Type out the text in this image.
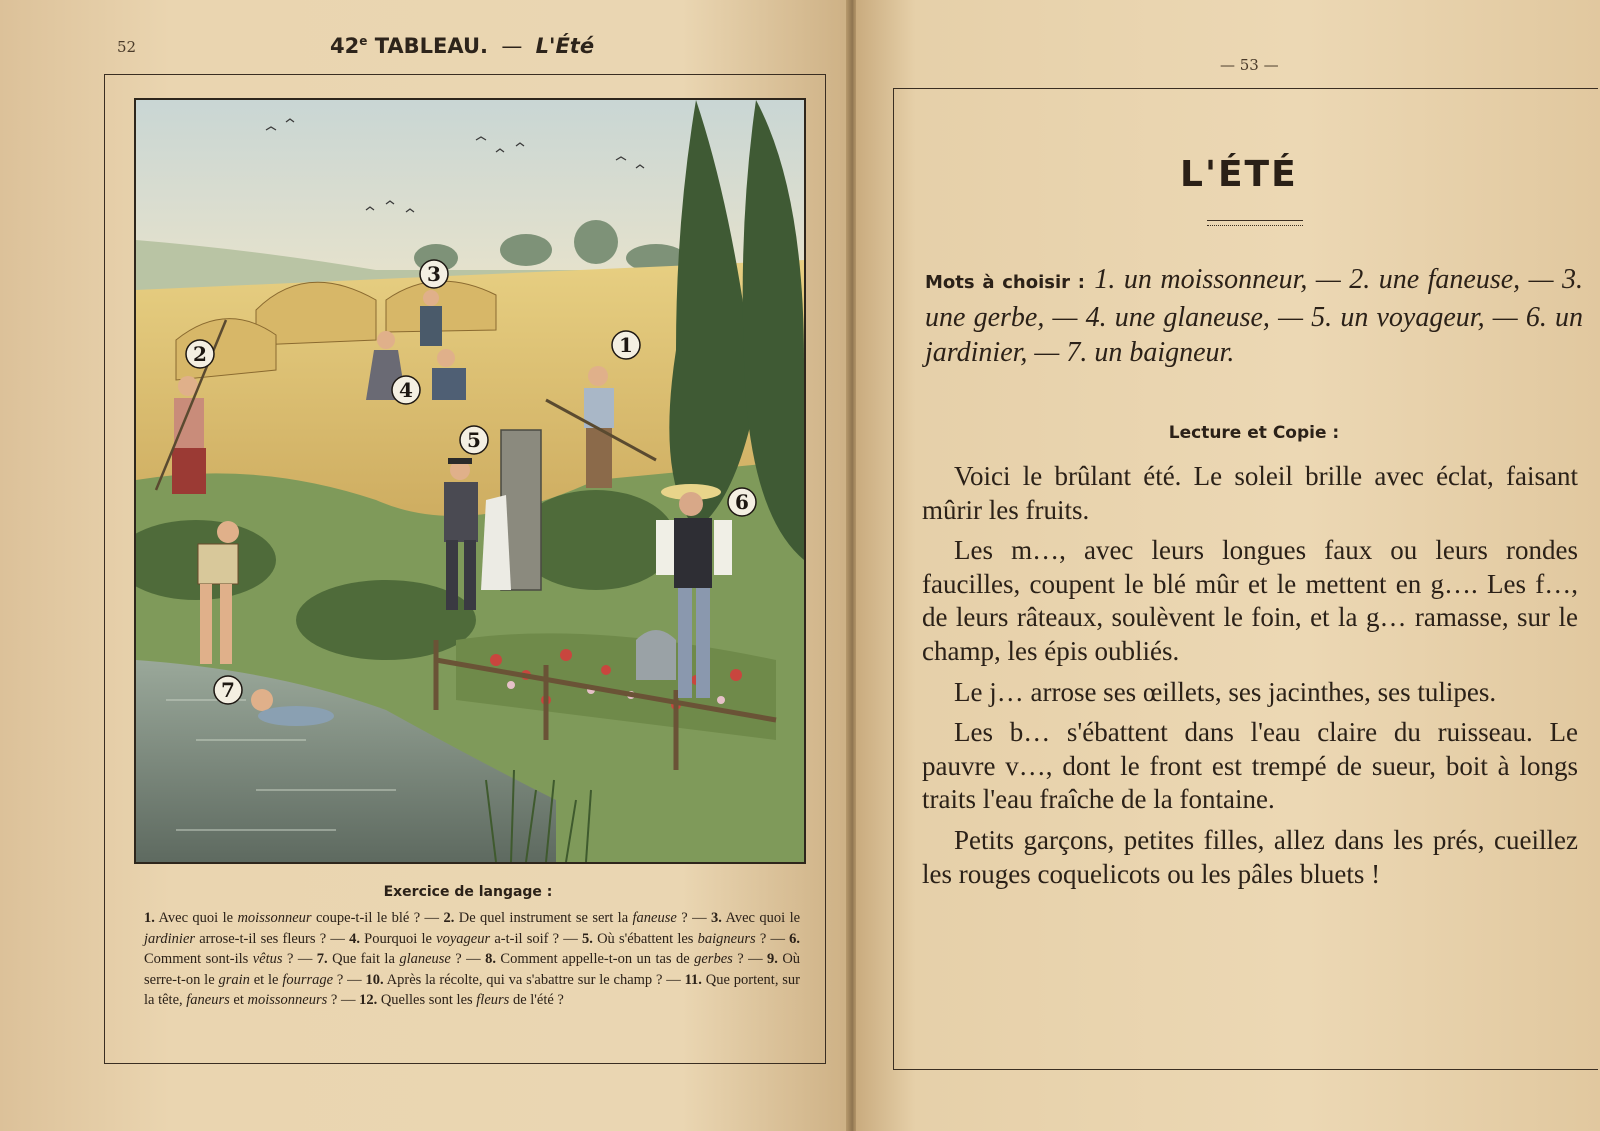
52	42e TABLEAU. — L'Été
1
2
3
4
5
6
7
Exercice de langage :
1. Avec quoi le moissonneur coupe-t-il le blé ? — 2. De quel instrument se sert la faneuse ? — 3. Avec quoi le jardinier arrose-t-il ses fleurs ? — 4. Pourquoi le voyageur a-t-il soif ? — 5. Où s'ébattent les baigneurs ? — 6. Comment sont-ils vêtus ? — 7. Que fait la glaneuse ? — 8. Comment appelle-t-on un tas de gerbes ? — 9. Où serre-t-on le grain et le fourrage ? — 10. Après la récolte, qui va s'abattre sur le champ ? — 11. Que portent, sur la tête, faneurs et moissonneurs ? — 12. Quelles sont les fleurs de l'été ?
— 53 —
L'ÉTÉ
Mots à choisir : 1. un moissonneur, — 2. une faneuse, — 3. une gerbe, — 4. une glaneuse, — 5. un voyageur, — 6. un jardinier, — 7. un baigneur.
Lecture et Copie :

Voici le brûlant été. Le soleil brille avec éclat, faisant mûrir les fruits.

Les m…, avec leurs longues faux ou leurs rondes faucilles, coupent le blé mûr et le mettent en g…. Les f…, de leurs râteaux, soulèvent le foin, et la g… ramasse, sur le champ, les épis oubliés.

Le j… arrose ses œillets, ses jacinthes, ses tulipes.

Les b… s'ébattent dans l'eau claire du ruisseau. Le pauvre v…, dont le front est trempé de sueur, boit à longs traits l'eau fraîche de la fontaine.

Petits garçons, petites filles, allez dans les prés, cueillez les rouges coquelicots ou les pâles bluets !
